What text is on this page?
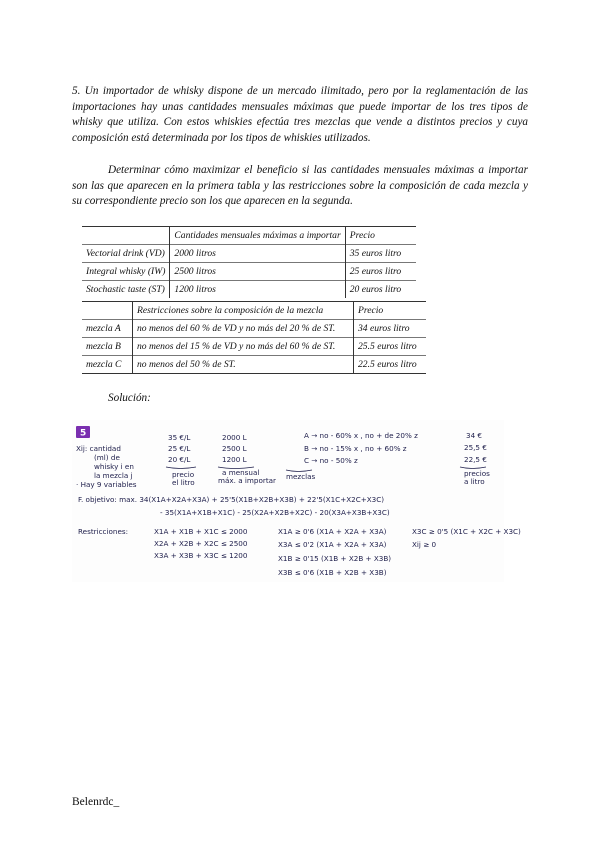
5. Un importador de whisky dispone de un mercado ilimitado, pero por la reglamentación de las importaciones hay unas cantidades mensuales máximas que puede importar de los tres tipos de whisky que utiliza. Con estos whiskies efectúa tres mezclas que vende a distintos precios y cuya composición está determinada por los tipos de whiskies utilizados.
Determinar cómo maximizar el beneficio si las cantidades mensuales máximas a importar son las que aparecen en la primera tabla y las restricciones sobre la composición de cada mezcla y su correspondiente precio son los que aparecen en la segunda.
	Cantidades mensuales máximas a importar	Precio
Vectorial drink (VD)	2000 litros	35 euros litro
Integral whisky (IW)	2500 litros	25 euros litro
Stochastic taste (ST)	1200 litros	20 euros litro
	Restricciones sobre la composición de la mezcla	Precio
mezcla A	no menos del 60 % de VD y no más del 20 % de ST.	34 euros litro
mezcla B	no menos del 15 % de VD y no más del 60 % de ST.	25.5 euros litro
mezcla C	no menos del 50 % de ST.	22.5 euros litro
Solución:
5
Xij: cantidad
(ml) de
whisky i en
la mezcla j
· Hay 9 variables
35 €/L
25 €/L
20 €/L
precio
el litro
2000 L
2500 L
1200 L
a mensual
máx. a importar
A → no - 60% x , no + de 20% z
B → no - 15% x , no + 60% z
C → no - 50% z
mezclas
34 €
25,5 €
22,5 €
precios
a litro
F. objetivo: max. 34(X1A+X2A+X3A) + 25'5(X1B+X2B+X3B) + 22'5(X1C+X2C+X3C)
- 35(X1A+X1B+X1C) - 25(X2A+X2B+X2C) - 20(X3A+X3B+X3C)
Restricciones:	X1A + X1B + X1C ≤ 2000
X2A + X2B + X2C ≤ 2500
X3A + X3B + X3C ≤ 1200
X1A ≥ 0'6 (X1A + X2A + X3A)
X3A ≤ 0'2 (X1A + X2A + X3A)
X1B ≥ 0'15 (X1B + X2B + X3B)
X3B ≤ 0'6 (X1B + X2B + X3B)
X3C ≥ 0'5 (X1C + X2C + X3C)
Xij ≥ 0
Belenrdc_
